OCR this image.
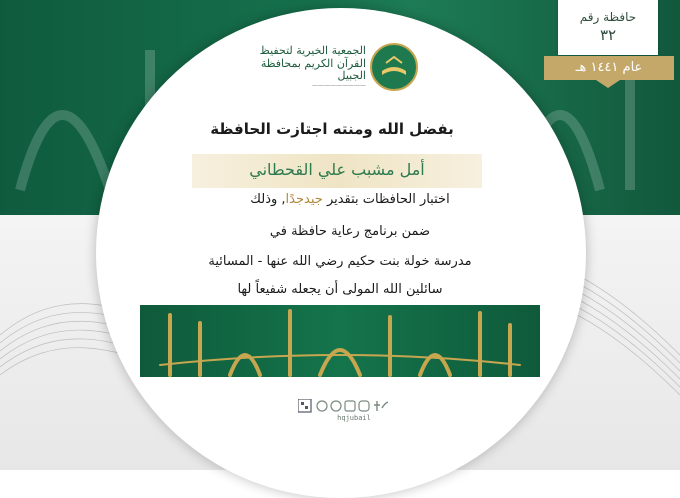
الجمعية الخيرية لتحفيظ القرآن الكريم بمحافظة الجبيل
—————————
بفضل الله ومنته اجتازت الحافظة
أمل مشبب علي القحطاني
اختبار الحافظات بتقدير جيدجدًا, وذلك
ضمن برنامج رعاية حافظة في
مدرسة خولة بنت حكيم رضي الله عنها - المسائية
سائلين الله المولى أن يجعله شفيعاً لها
hqjubail
حافظة رقم
٣٢
عام ١٤٤١ هـ
